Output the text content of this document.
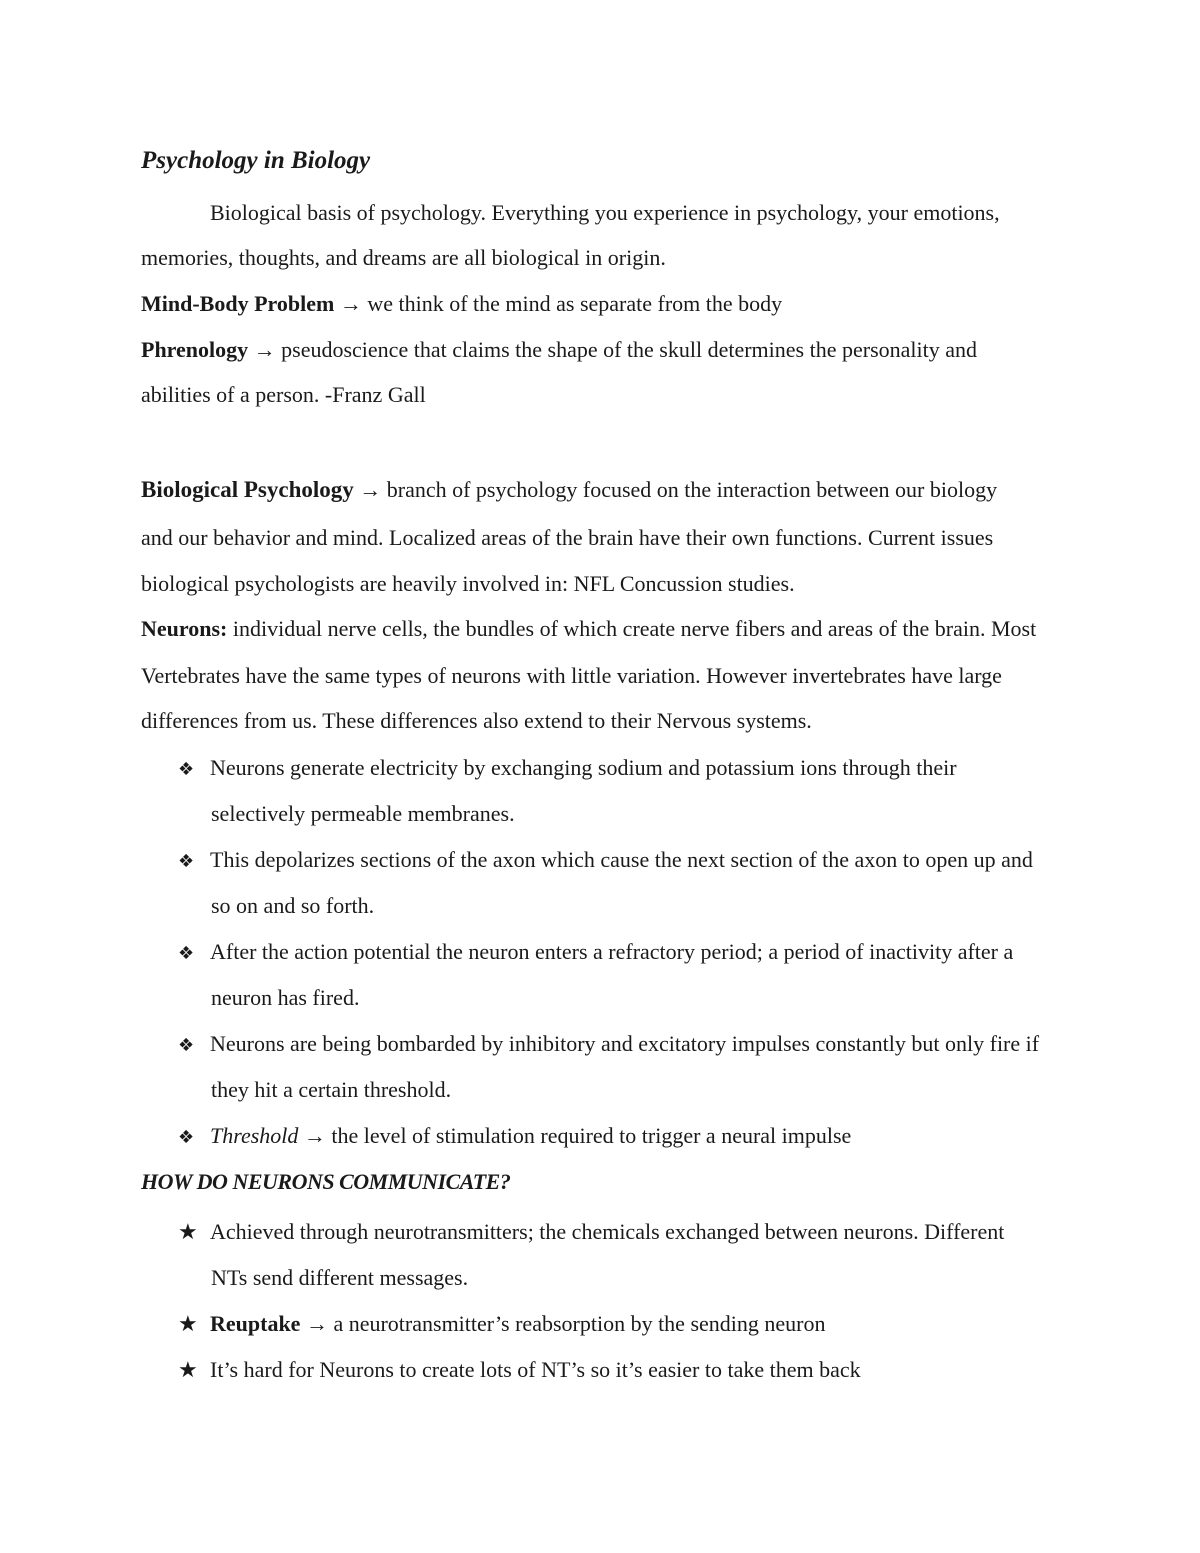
Psychology in Biology
Biological basis of psychology. Everything you experience in psychology, your emotions,
memories, thoughts, and dreams are all biological in origin.
Mind-Body Problem → we think of the mind as separate from the body
Phrenology → pseudoscience that claims the shape of the skull determines the personality and
abilities of a person. -Franz Gall
Biological Psychology → branch of psychology focused on the interaction between our biology
and our behavior and mind. Localized areas of the brain have their own functions. Current issues
biological psychologists are heavily involved in: NFL Concussion studies.
Neurons: individual nerve cells, the bundles of which create nerve fibers and areas of the brain. Most
Vertebrates have the same types of neurons with little variation. However invertebrates have large
differences from us. These differences also extend to their Nervous systems.
❖ Neurons generate electricity by exchanging sodium and potassium ions through their
selectively permeable membranes.
❖ This depolarizes sections of the axon which cause the next section of the axon to open up and
so on and so forth.
❖ After the action potential the neuron enters a refractory period; a period of inactivity after a
neuron has fired.
❖ Neurons are being bombarded by inhibitory and excitatory impulses constantly but only fire if
they hit a certain threshold.
❖ Threshold → the level of stimulation required to trigger a neural impulse
HOW DO NEURONS COMMUNICATE?
★ Achieved through neurotransmitters; the chemicals exchanged between neurons. Different
NTs send different messages.
★ Reuptake → a neurotransmitter’s reabsorption by the sending neuron
★ It’s hard for Neurons to create lots of NT’s so it’s easier to take them back
